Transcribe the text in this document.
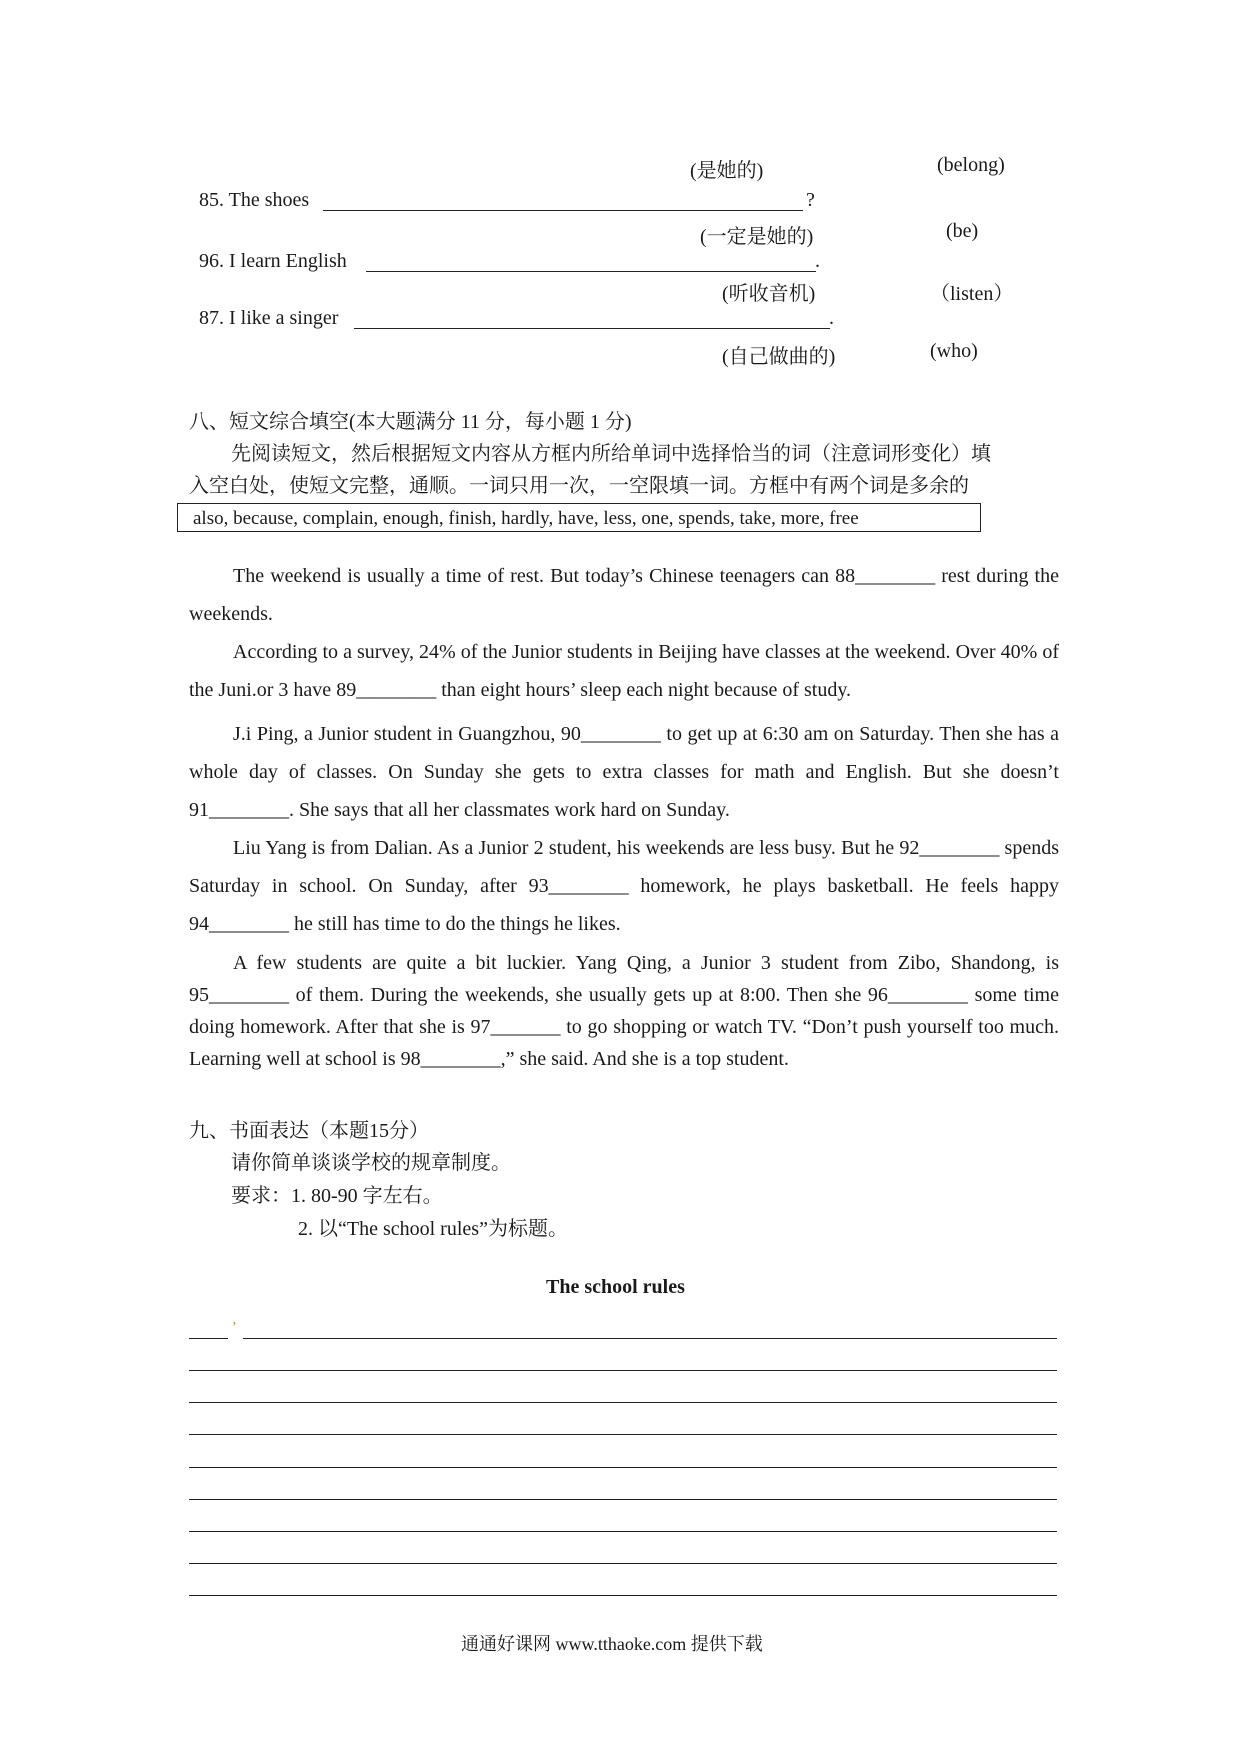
(是她的)	(belong)
85. The shoes	?
(一定是她的)	(be)
96. I learn English	.
(听收音机)	（listen）
87. I like a singer	.
(自己做曲的)	(who)
八、短文综合填空(本大题满分 11 分，每小题 1 分)
先阅读短文，然后根据短文内容从方框内所给单词中选择恰当的词（注意词形变化）填
入空白处，使短文完整，通顺。一词只用一次，一空限填一词。方框中有两个词是多余的
also, because, complain, enough, finish, hardly, have, less, one, spends, take, more, free

The weekend is usually a time of rest. But today’s Chinese teenagers can 88________ rest during the weekends.

According to a survey, 24% of the Junior students in Beijing have classes at the weekend. Over 40% of the Juni.or 3 have 89________ than eight hours’ sleep each night because of study.

J.i Ping, a Junior student in Guangzhou, 90________ to get up at 6:30 am on Saturday. Then she has a whole day of classes. On Sunday she gets to extra classes for math and English. But she doesn’t 91________. She says that all her classmates work hard on Sunday.

Liu Yang is from Dalian. As a Junior 2 student, his weekends are less busy. But he 92________ spends Saturday in school. On Sunday, after 93________ homework, he plays basketball. He feels happy 94________ he still has time to do the things he likes.

A few students are quite a bit luckier. Yang Qing, a Junior 3 student from Zibo, Shandong, is 95________ of them. During the weekends, she usually gets up at 8:00. Then she 96________ some time doing homework. After that she is 97_______ to go shopping or watch TV. “Don’t push yourself too much. Learning well at school is 98________,” she said. And she is a top student.

九、书面表达（本题15分）
请你简单谈谈学校的规章制度。
要求：1. 80-90 字左右。
2. 以“The school rules”为标题。
The school rules
’
通通好课网 www.tthaoke.com 提供下载
